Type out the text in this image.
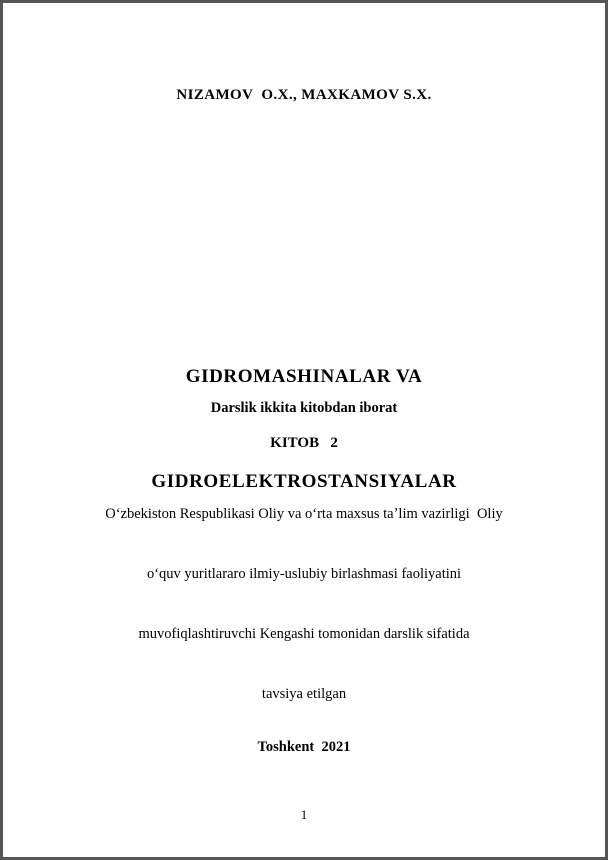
NIZAMOV  O.X., MAXKAMOV S.X.

GIDROMASHINALAR VA

GIDROELEKTROSTANSIYALAR

Darslik ikkita kitobdan iborat
KITOB   2

Oʻzbekiston Respublikasi Oliy va oʻrta maxsus taʼlim vazirligi  Oliy

oʻquv yuritlararo ilmiy-uslubiy birlashmasi faoliyatini

muvofiqlashtiruvchi Kengashi tomonidan darslik sifatida

tavsiya etilgan

Toshkent  2021
1
